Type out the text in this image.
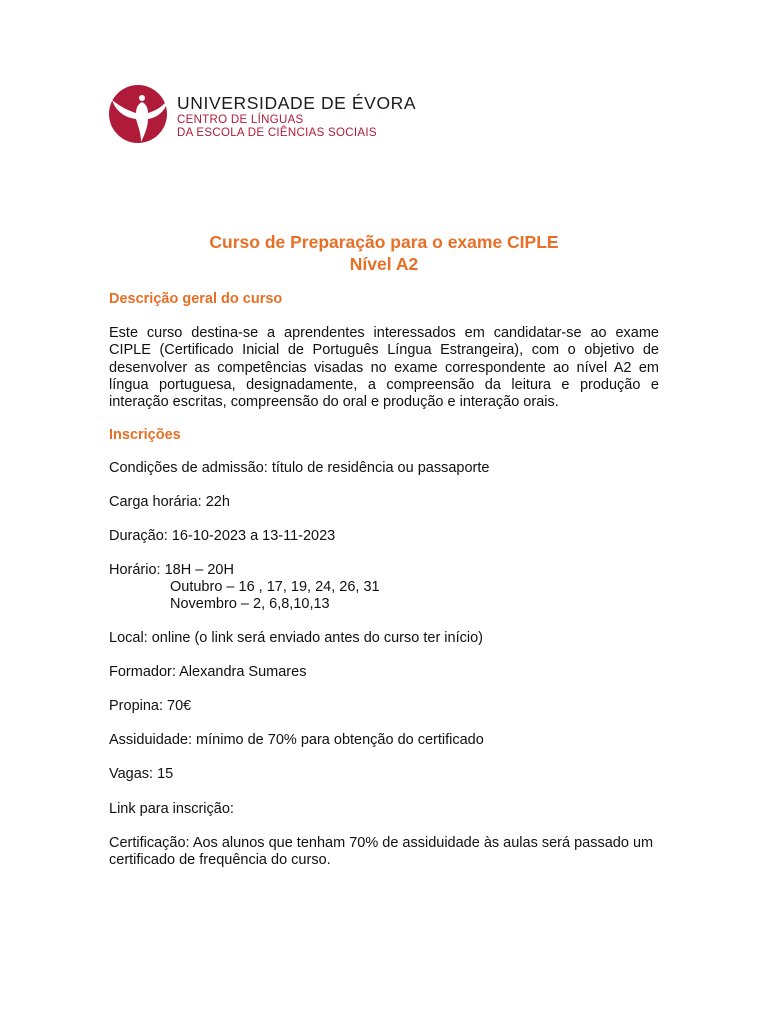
UNIVERSIDADE DE ÉVORA
CENTRO DE LÍNGUAS
DA ESCOLA DE CIÊNCIAS SOCIAIS
Curso de Preparação para o exame CIPLE
Nível A2

Descrição geral do curso

Este curso destina-se a aprendentes interessados em candidatar-se ao exame CIPLE (Certificado Inicial de Português Língua Estrangeira), com o objetivo de desenvolver as competências visadas no exame correspondente ao nível A2 em língua portuguesa, designadamente, a compreensão da leitura e produção e interação escritas, compreensão do oral e produção e interação orais.

Inscrições

Condições de admissão: título de residência ou passaporte

Carga horária: 22h

Duração: 16-10-2023 a 13-11-2023

Horário: 18H – 20H

Outubro – 16 , 17, 19, 24, 26, 31

Novembro – 2, 6,8,10,13

Local: online (o link será enviado antes do curso ter início)

Formador: Alexandra Sumares

Propina: 70€

Assiduidade: mínimo de 70% para obtenção do certificado

Vagas: 15

Link para inscrição:

Certificação: Aos alunos que tenham 70% de assiduidade às aulas será passado um certificado de frequência do curso.
